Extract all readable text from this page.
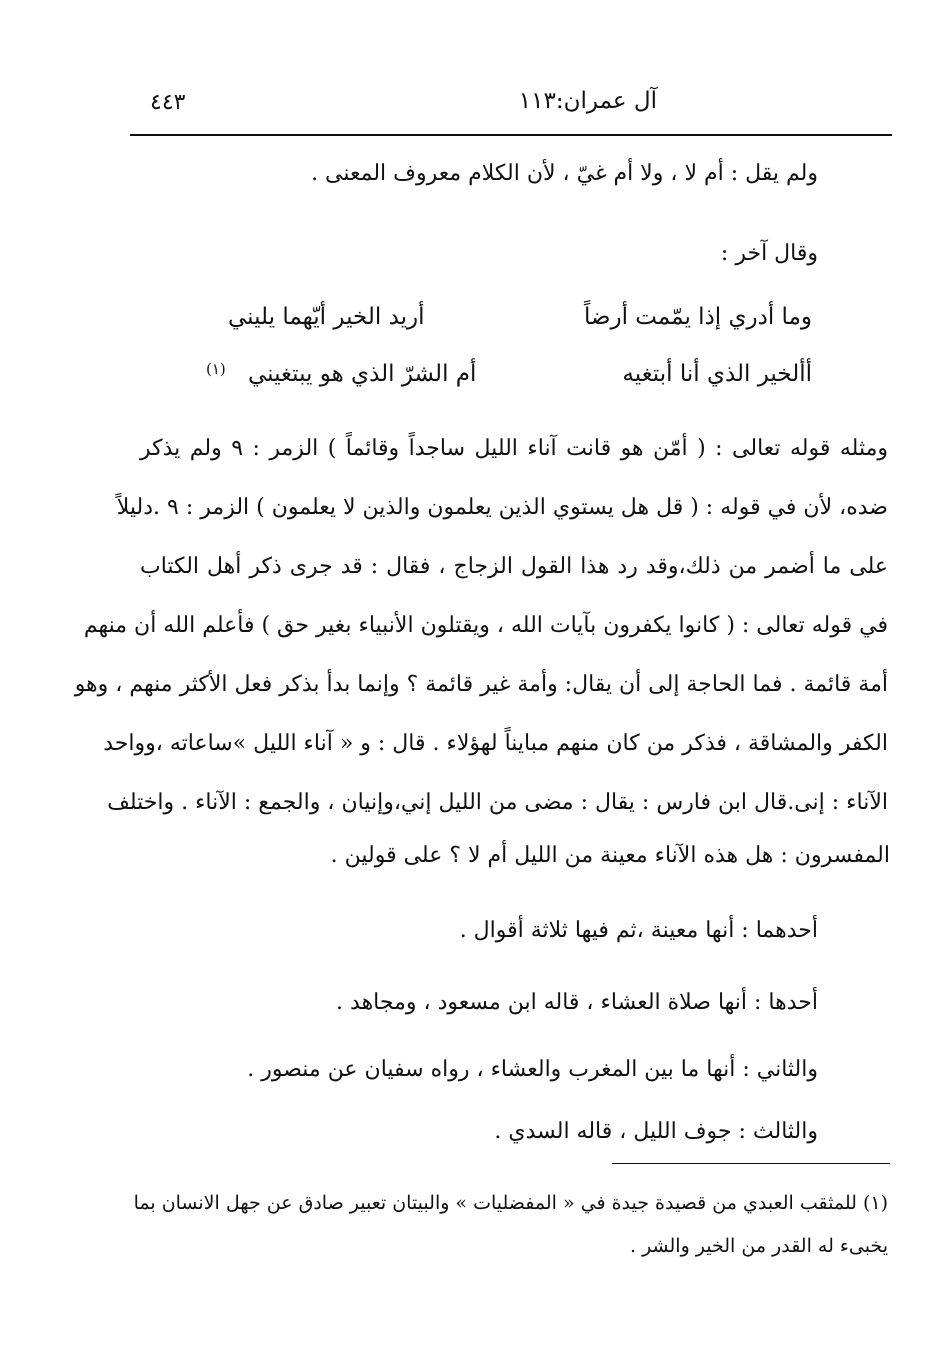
آل عمران:١١٣
٤٤٣
ولم يقل : أم لا ، ولا أم غيّ ، لأن الكلام معروف المعنى .
وقال آخر :
وما أدري إذا يمّمت أرضاً
أريد الخير أيّهما يليني
أألخير الذي أنا أبتغيه
أم الشرّ الذي هو يبتغيني
(١)
ومثله قوله تعالى : ( أمّن هو قانت آناء الليل ساجداً وقائماً ) الزمر : ٩ ولم يذكر
ضده، لأن في قوله : ( قل هل يستوي الذين يعلمون والذين لا يعلمون ) الزمر : ٩ .دليلاً
على ما أضمر من ذلك،وقد رد هذا القول الزجاج ، فقال : قد جرى ذكر أهل الكتاب
في قوله تعالى : ( كانوا يكفرون بآيات الله ، ويقتلون الأنبياء بغير حق ) فأعلم الله أن منهم
أمة قائمة . فما الحاجة إلى أن يقال: وأمة غير قائمة ؟ وإنما بدأ بذكر فعل الأكثر منهم ، وهو
الكفر والمشاقة ، فذكر من كان منهم مبايناً لهؤلاء . قال : و « آناء الليل »ساعاته ،وواحد
الآناء : إنى.قال ابن فارس : يقال : مضى من الليل إني،وإنيان ، والجمع : الآناء . واختلف
المفسرون : هل هذه الآناء معينة من الليل أم لا ؟ على قولين .
أحدهما : أنها معينة ،ثم فيها ثلاثة أقوال .
أحدها : أنها صلاة العشاء ، قاله ابن مسعود ، ومجاهد .
والثاني : أنها ما بين المغرب والعشاء ، رواه سفيان عن منصور .
والثالث : جوف الليل ، قاله السدي .
(١) للمثقب العبدي من قصيدة جيدة في « المفضليات » والبيتان تعبير صادق عن جهل الانسان بما
يخبىء له القدر من الخير والشر .
